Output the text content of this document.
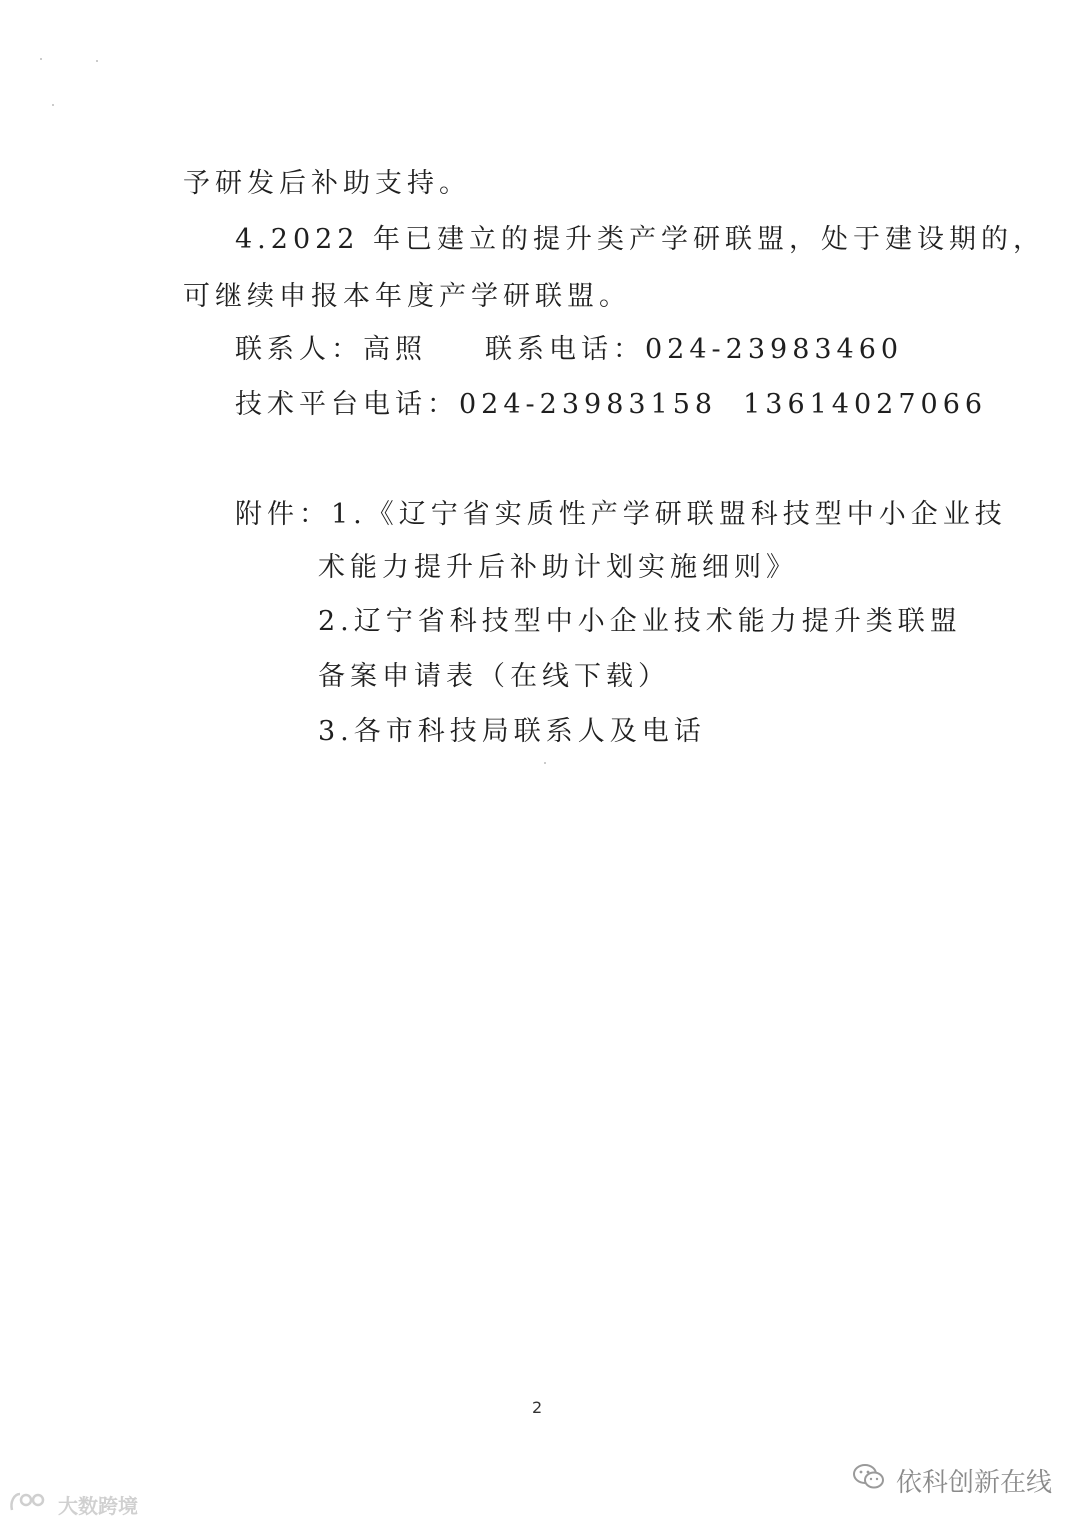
予研发后补助支持。
4.2022 年已建立的提升类产学研联盟，处于建设期的，
可继续申报本年度产学研联盟。
联系人：高照 联系电话：024-23983460
技术平台电话：024-23983158 13614027066
附件：1.《辽宁省实质性产学研联盟科技型中小企业技
术能力提升后补助计划实施细则》
2.辽宁省科技型中小企业技术能力提升类联盟
备案申请表（在线下载）
3.各市科技局联系人及电话
2
依科创新在线
大数跨境
